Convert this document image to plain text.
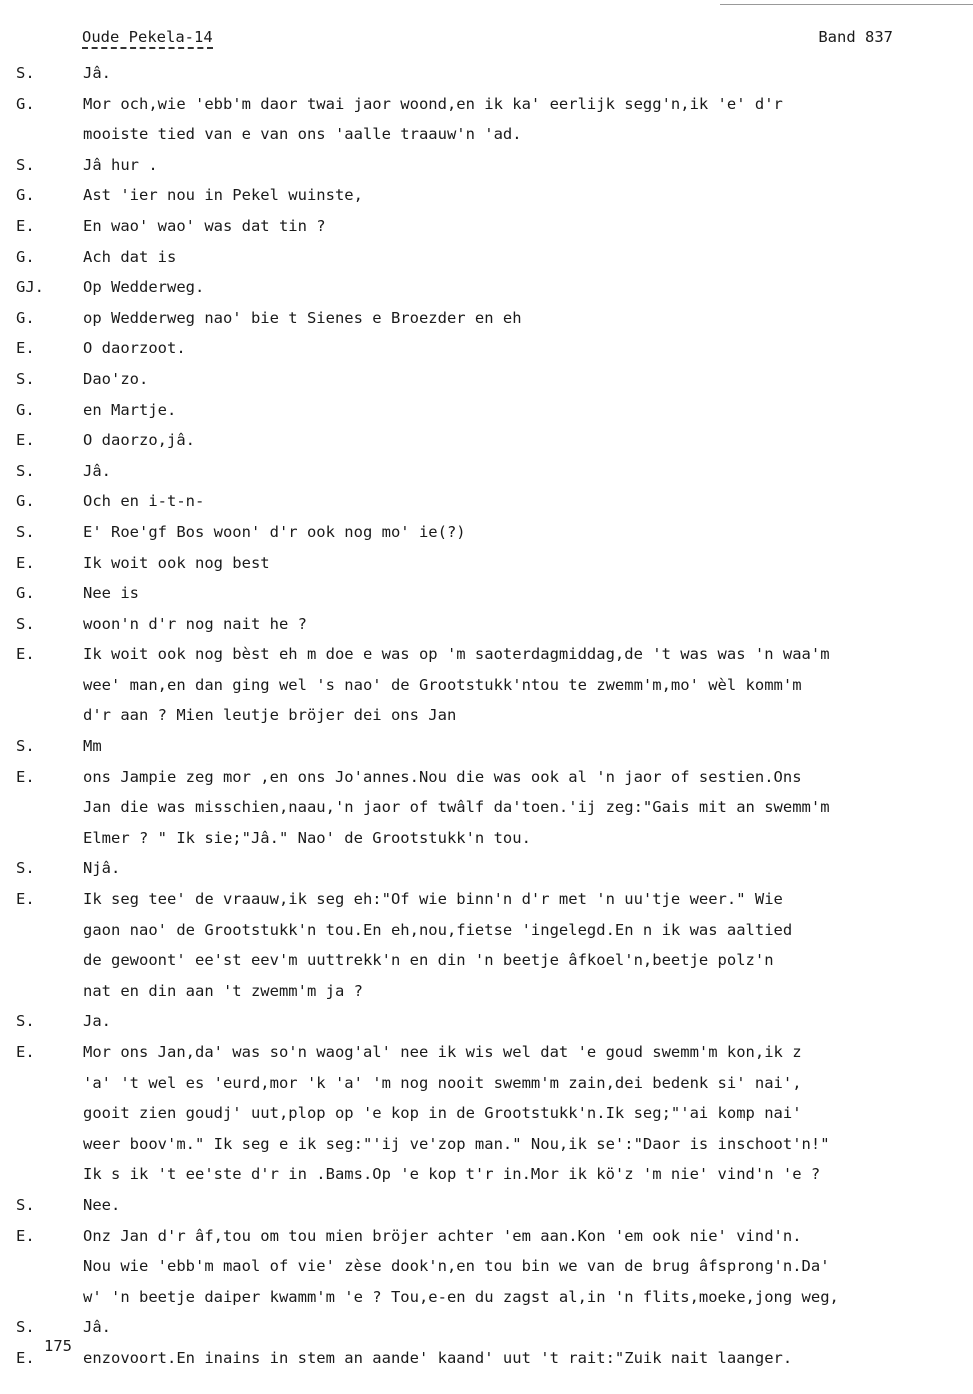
Oude Pekela-14	Band 837
S.	Jâ.
G.	Mor och,wie 'ebb'm daor twai jaor woond,en ik ka' eerlijk segg'n,ik 'e' d'r
mooiste tied van e van ons 'aalle traauw'n 'ad.
S.	Jâ hur .
G.	Ast 'ier nou in Pekel wuinste,
E.	En wao' wao' was dat tin ?
G.	Ach dat is
GJ.	Op Wedderweg.
G.	op Wedderweg nao' bie t Sienes e Broezder en eh
E.	O daorzoot.
S.	Dao'zo.
G.	en Martje.
E.	O daorzo,jâ.
S.	Jâ.
G.	Och en i-t-n-
S.	E' Roe'gf Bos woon' d'r ook nog mo' ie(?)
E.	Ik woit ook nog best
G.	Nee is
S.	woon'n d'r nog nait he ?
E.	Ik woit ook nog bèst eh m doe e was op 'm saoterdagmiddag,de 't was was 'n waa'm
wee' man,en dan ging wel 's nao' de Grootstukk'ntou te zwemm'm,mo' wèl komm'm
d'r aan ? Mien leutje bröjer dei ons Jan
S.	Mm
E.	ons Jampie zeg mor ,en ons Jo'annes.Nou die was ook al 'n jaor of sestien.Ons
Jan die was misschien,naau,'n jaor of twâlf da'toen.'ij zeg:"Gais mit an swemm'm
Elmer ? " Ik sie;"Jâ." Nao' de Grootstukk'n tou.
S.	Njâ.
E.	Ik seg tee' de vraauw,ik seg eh:"Of wie binn'n d'r met 'n uu'tje weer." Wie
gaon nao' de Grootstukk'n tou.En eh,nou,fietse 'ingelegd.En n ik was aaltied
de gewoont' ee'st eev'm uuttrekk'n en din 'n beetje âfkoel'n,beetje polz'n
nat en din aan 't zwemm'm ja ?
S.	Ja.
E.	Mor ons Jan,da' was so'n waog'al' nee ik wis wel dat 'e goud swemm'm kon,ik z
'a' 't wel es 'eurd,mor 'k 'a' 'm nog nooit swemm'm zain,dei bedenk si' nai',
gooit zien goudj' uut,plop op 'e kop in de Grootstukk'n.Ik seg;"'ai komp nai'
weer boov'm." Ik seg e ik seg:"'ij ve'zop man." Nou,ik se':"Daor is inschoot'n!"
Ik s ik 't ee'ste d'r in .Bams.Op 'e kop t'r in.Mor ik kö'z 'm nie' vind'n 'e ?
S.	Nee.
E.	Onz Jan d'r âf,tou om tou mien bröjer achter 'em aan.Kon 'em ook nie' vind'n.
Nou wie 'ebb'm maol of vie' zèse dook'n,en tou bin we van de brug âfsprong'n.Da'
w' 'n beetje daiper kwamm'm 'e ? Tou,e-en du zagst al,in 'n flits,moeke,jong weg,
S.	Jâ.
E.	enzovoort.En inains in stem an aande' kaand' uut 't rait:"Zuik nait laanger.
175
